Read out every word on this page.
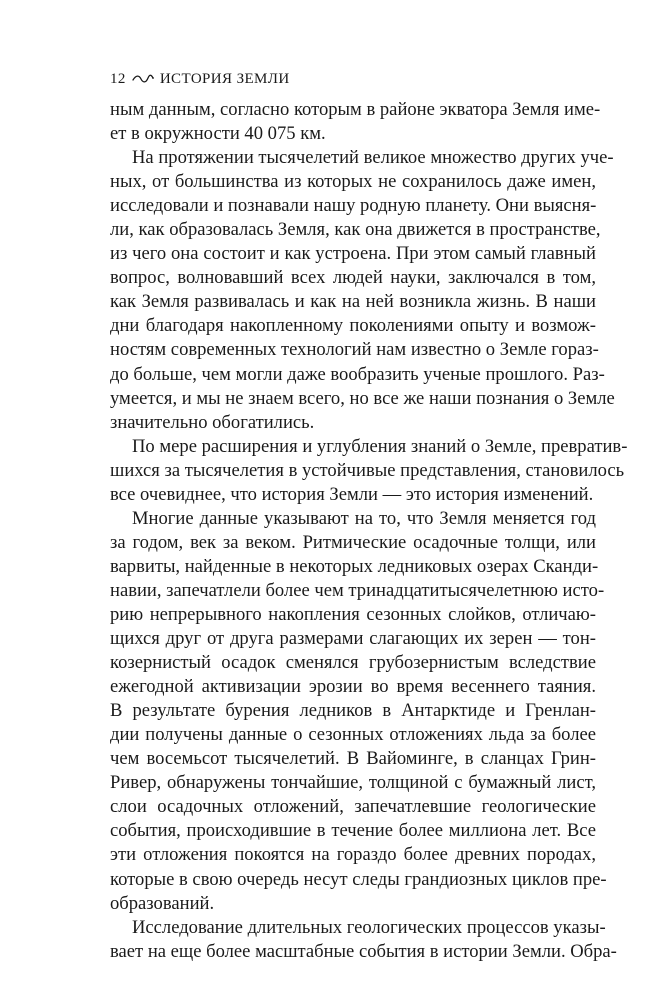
12 ИСТОРИЯ ЗЕМЛИ
ным данным, согласно которым в районе экватора Земля име-
ет в окружности 40 075 км.
На протяжении тысячелетий великое множество других уче-
ных, от большинства из которых не сохранилось даже имен,
исследовали и познавали нашу родную планету. Они выясня-
ли, как образовалась Земля, как она движется в пространстве,
из чего она состоит и как устроена. При этом самый главный
вопрос, волновавший всех людей науки, заключался в том,
как Земля развивалась и как на ней возникла жизнь. В наши
дни благодаря накопленному поколениями опыту и возмож-
ностям современных технологий нам известно о Земле гораз-
до больше, чем могли даже вообразить ученые прошлого. Раз-
умеется, и мы не знаем всего, но все же наши познания о Земле
значительно обогатились.
По мере расширения и углубления знаний о Земле, превратив-
шихся за тысячелетия в устойчивые представления, становилось
все очевиднее, что история Земли — это история изменений.
Многие данные указывают на то, что Земля меняется год
за годом, век за веком. Ритмические осадочные толщи, или
варвиты, найденные в некоторых ледниковых озерах Сканди-
навии, запечатлели более чем тринадцатитысячелетнюю исто-
рию непрерывного накопления сезонных слойков, отличаю-
щихся друг от друга размерами слагающих их зерен — тон-
козернистый осадок сменялся грубозернистым вследствие
ежегодной активизации эрозии во время весеннего таяния.
В результате бурения ледников в Антарктиде и Гренлан-
дии получены данные о сезонных отложениях льда за более
чем восемьсот тысячелетий. В Вайоминге, в сланцах Грин-
Ривер, обнаружены тончайшие, толщиной с бумажный лист,
слои осадочных отложений, запечатлевшие геологические
события, происходившие в течение более миллиона лет. Все
эти отложения покоятся на гораздо более древних породах,
которые в свою очередь несут следы грандиозных циклов пре-
образований.
Исследование длительных геологических процессов указы-
вает на еще более масштабные события в истории Земли. Обра-
